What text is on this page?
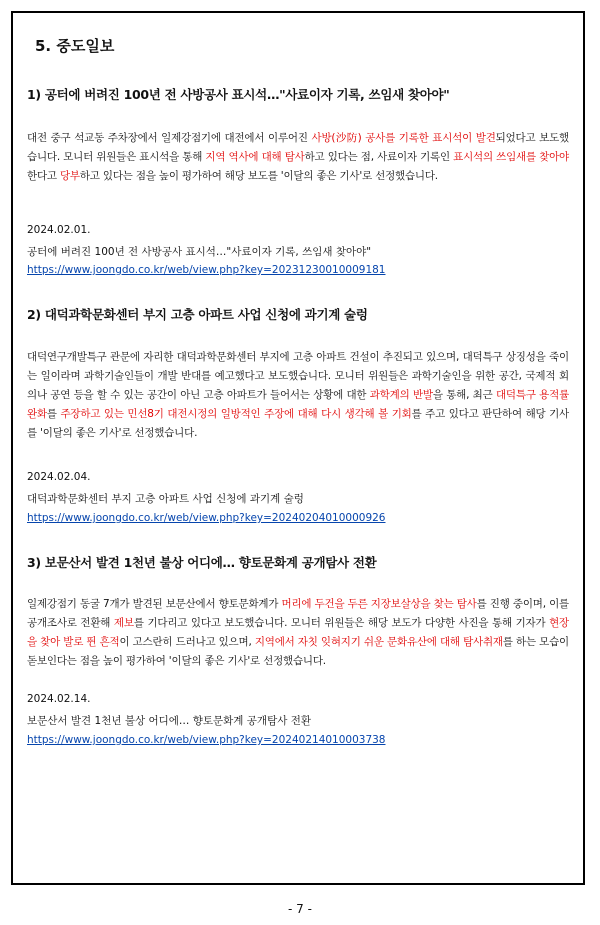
5. 중도일보
1) 공터에 버려진 100년 전 사방공사 표시석…"사료이자 기록, 쓰임새 찾아야"
대전 중구 석교동 주차장에서 일제강점기에 대전에서 이루어진 사방(沙防) 공사를 기록한 표시석이 발견되었다고 보도했습니다. 모니터 위원들은 표시석을 통해 지역 역사에 대해 탐사하고 있다는 점, 사료이자 기록인 표시석의 쓰임새를 찾아야 한다고 당부하고 있다는 점을 높이 평가하여 해당 보도를 '이달의 좋은 기사'로 선정했습니다.
2024.02.01.
공터에 버려진 100년 전 사방공사 표시석…"사료이자 기록, 쓰임새 찾아야"
https://www.joongdo.co.kr/web/view.php?key=20231230010009181
2) 대덕과학문화센터 부지 고층 아파트 사업 신청에 과기계 술렁
대덕연구개발특구 관문에 자리한 대덕과학문화센터 부지에 고층 아파트 건설이 추진되고 있으며, 대덕특구 상징성을 죽이는 일이라며 과학기술인들이 개발 반대를 예고했다고 보도했습니다. 모니터 위원들은 과학기술인을 위한 공간, 국제적 회의나 공연 등을 할 수 있는 공간이 아닌 고층 아파트가 들어서는 상황에 대한 과학계의 반발을 통해, 최근 대덕특구 용적률 완화를 주장하고 있는 민선8기 대전시정의 일방적인 주장에 대해 다시 생각해 볼 기회를 주고 있다고 판단하여 해당 기사를 '이달의 좋은 기사'로 선정했습니다.
2024.02.04.
대덕과학문화센터 부지 고층 아파트 사업 신청에 과기계 술렁
https://www.joongdo.co.kr/web/view.php?key=20240204010000926
3) 보문산서 발견 1천년 불상 어디에… 향토문화계 공개탐사 전환
일제강점기 동굴 7개가 발견된 보문산에서 향토문화계가 머리에 두건을 두른 지장보살상을 찾는 탐사를 진행 중이며, 이를 공개조사로 전환해 제보를 기다리고 있다고 보도했습니다. 모니터 위원들은 해당 보도가 다양한 사진을 통해 기자가 현장을 찾아 발로 뛴 흔적이 고스란히 드러나고 있으며, 지역에서 자칫 잊혀지기 쉬운 문화유산에 대해 탐사취재를 하는 모습이 돋보인다는 점을 높이 평가하여 '이달의 좋은 기사'로 선정했습니다.
2024.02.14.
보문산서 발견 1천년 불상 어디에… 향토문화계 공개탐사 전환
https://www.joongdo.co.kr/web/view.php?key=20240214010003738
- 7 -
